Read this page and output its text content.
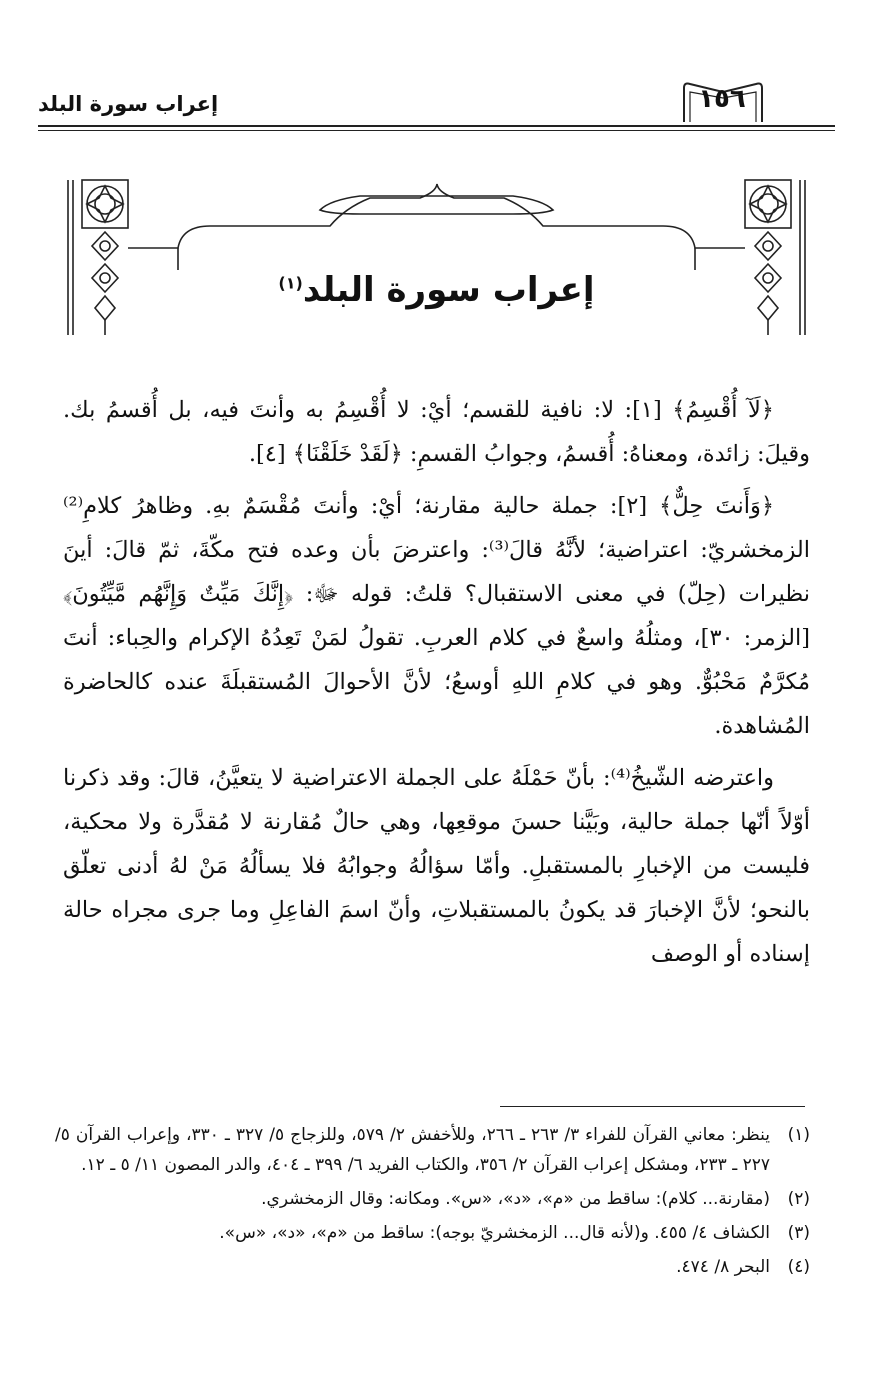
إعراب سورة البلد	١٥٦
إعراب سورة البلد$^{(١)}$

﴿لَآ أُقْسِمُ﴾ [١]: لا: نافية للقسم؛ أيْ: لا أُقْسِمُ به وأنتَ فيه، بل أُقسمُ بك. وقيلَ: زائدة، ومعناهُ: أُقسمُ، وجوابُ القسمِ: ﴿لَقَدْ خَلَقْنَا﴾ [٤].

﴿وَأَنتَ حِلٌّ﴾ [٢]: جملة حالية مقارنة؛ أيْ: وأنتَ مُقْسَمٌ بهِ. وظاهرُ كلامِ⁽²⁾ الزمخشريّ: اعتراضية؛ لأنَّهُ قالَ⁽³⁾: واعترضَ بأن وعده فتح مكّةَ، ثمّ قالَ: أينَ نظيرات (حِلّ) في معنى الاستقبال؟ قلتُ: قوله ﷻ: ﴿إِنَّكَ مَيِّتٌ وَإِنَّهُم مَّيِّتُونَ﴾ [الزمر: ٣٠]، ومثلُهُ واسعٌ في كلام العربِ. تقولُ لمَنْ تَعِدُهُ الإكرام والحِباء: أنتَ مُكرَّمٌ مَحْبُوٌّ. وهو في كلامِ اللهِ أوسعُ؛ لأنَّ الأحوالَ المُستقبلَةَ عنده كالحاضرة المُشاهدة.

واعترضه الشّيخُ⁽⁴⁾: بأنّ حَمْلَهُ على الجملة الاعتراضية لا يتعيَّنُ، قالَ: وقد ذكرنا أوّلاً أنّها جملة حالية، وبَيَّنا حسنَ موقعِها، وهي حالٌ مُقارنة لا مُقدَّرة ولا محكية، فليست من الإخبارِ بالمستقبلِ. وأمّا سؤالُهُ وجوابُهُ فلا يسألُهُ مَنْ لهُ أدنى تعلّق بالنحو؛ لأنَّ الإخبارَ قد يكونُ بالمستقبلاتِ، وأنّ اسمَ الفاعِلِ وما جرى مجراه حالة إسناده أو الوصف

(١)
ينظر: معاني القرآن للفراء ٣/ ٢٦٣ ـ ٢٦٦، وللأخفش ٢/ ٥٧٩، وللزجاج ٥/ ٣٢٧ ـ ٣٣٠، وإعراب القرآن ٥/ ٢٢٧ ـ ٢٣٣، ومشكل إعراب القرآن ٢/ ٣٥٦، والكتاب الفريد ٦/ ٣٩٩ ـ ٤٠٤، والدر المصون ١١/ ٥ ـ ١٢.
(٢)
(مقارنة... كلام): ساقط من «م»، «د»، «س». ومكانه: وقال الزمخشري.
(٣)
الكشاف ٤/ ٤٥٥. و(لأنه قال... الزمخشريّ بوجه): ساقط من «م»، «د»، «س».
(٤)
البحر ٨/ ٤٧٤.
